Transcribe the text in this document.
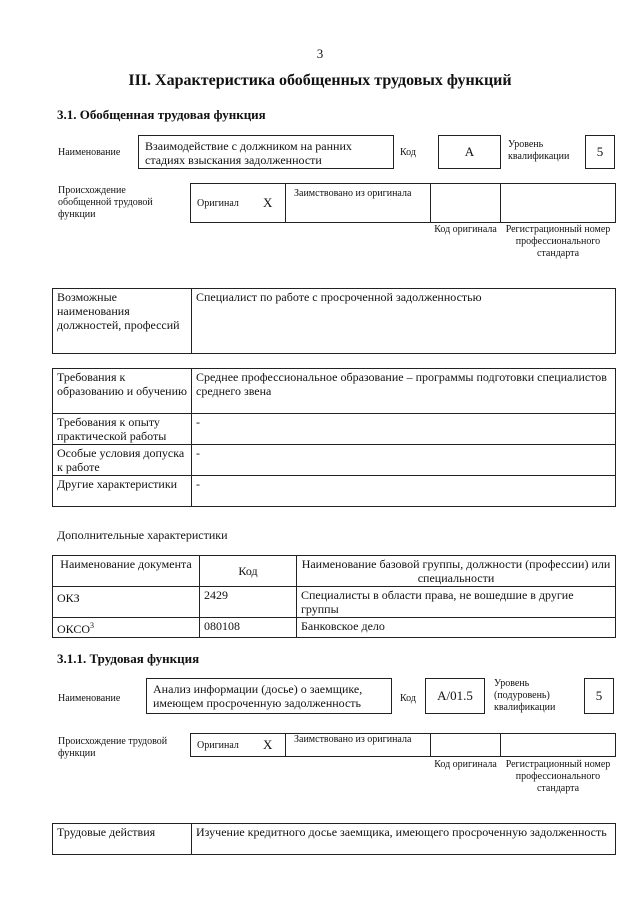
3
III. Характеристика обобщенных трудовых функций
3.1. Обобщенная трудовая функция
Наименование	Взаимодействие с должником на ранних стадиях взыскания задолженности
Код	A	Уровень квалификации	5
Происхождение обобщенной трудовой функции
Оригинал X
Заимствовано из оригинала
Код оригинала Регистрационный номер профессионального стандарта
Возможные наименования должностей, профессий	Специалист по работе с просроченной задолженностью
Требования к образованию и обучению	Среднее профессиональное образование – программы подготовки специалистов среднего звена
Требования к опыту практической работы	-
Особые условия допуска к работе	-
Другие характеристики	-
Дополнительные характеристики
Наименование документа	Код	Наименование базовой группы, должности (профессии) или специальности
ОКЗ	2429	Специалисты в области права, не вошедшие в другие группы
ОКСО$^3$	080108	Банковское дело
3.1.1. Трудовая функция
Наименование
Анализ информации (досье) о заемщике, имеющем просроченную задолженность	Код	A/01.5
Уровень (подуровень) квалификации
5
Происхождение трудовой функции
Оригинал X Заимствовано из оригинала
Код оригинала Регистрационный номер профессионального стандарта
Трудовые действия	Изучение кредитного досье заемщика, имеющего просроченную задолженность
